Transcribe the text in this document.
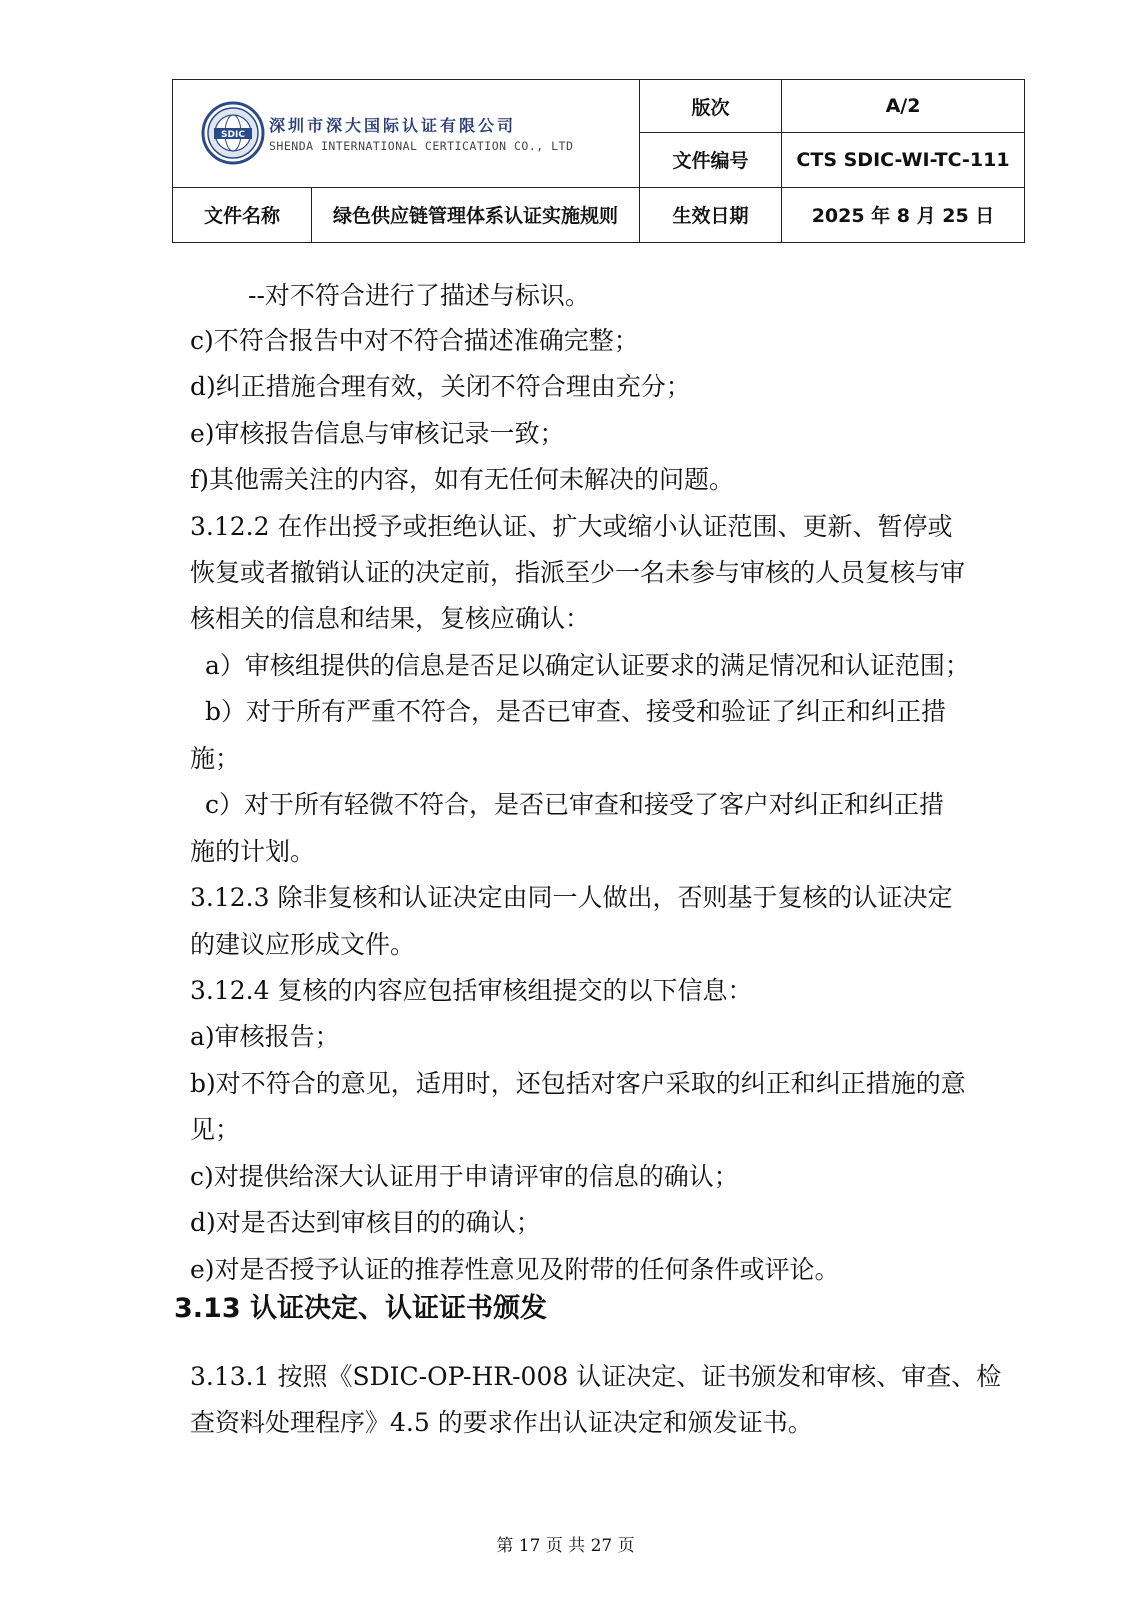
SDIC 深圳市深大国际认证有限公司
SHENDA INTERNATIONAL CERTICATION CO., LTD		版次	A/2
		文件编号	CTS SDIC-WI-TC-111
文件名称	绿色供应链管理体系认证实施规则	生效日期	2025 年 8 月 25 日
--对不符合进行了描述与标识。
c)不符合报告中对不符合描述准确完整；
d)纠正措施合理有效，关闭不符合理由充分；
e)审核报告信息与审核记录一致；
f)其他需关注的内容，如有无任何未解决的问题。
3.12.2 在作出授予或拒绝认证、扩大或缩小认证范围、更新、暂停或
恢复或者撤销认证的决定前，指派至少一名未参与审核的人员复核与审
核相关的信息和结果，复核应确认：
a）审核组提供的信息是否足以确定认证要求的满足情况和认证范围；
b）对于所有严重不符合，是否已审查、接受和验证了纠正和纠正措
施；
c）对于所有轻微不符合，是否已审查和接受了客户对纠正和纠正措
施的计划。
3.12.3 除非复核和认证决定由同一人做出，否则基于复核的认证决定
的建议应形成文件。
3.12.4 复核的内容应包括审核组提交的以下信息：
a)审核报告；
b)对不符合的意见，适用时，还包括对客户采取的纠正和纠正措施的意
见；
c)对提供给深大认证用于申请评审的信息的确认；
d)对是否达到审核目的的确认；
e)对是否授予认证的推荐性意见及附带的任何条件或评论。
3.13 认证决定、认证证书颁发
3.13.1 按照《SDIC-OP-HR-008 认证决定、证书颁发和审核、审查、检
查资料处理程序》4.5 的要求作出认证决定和颁发证书。
第 17 页 共 27 页
